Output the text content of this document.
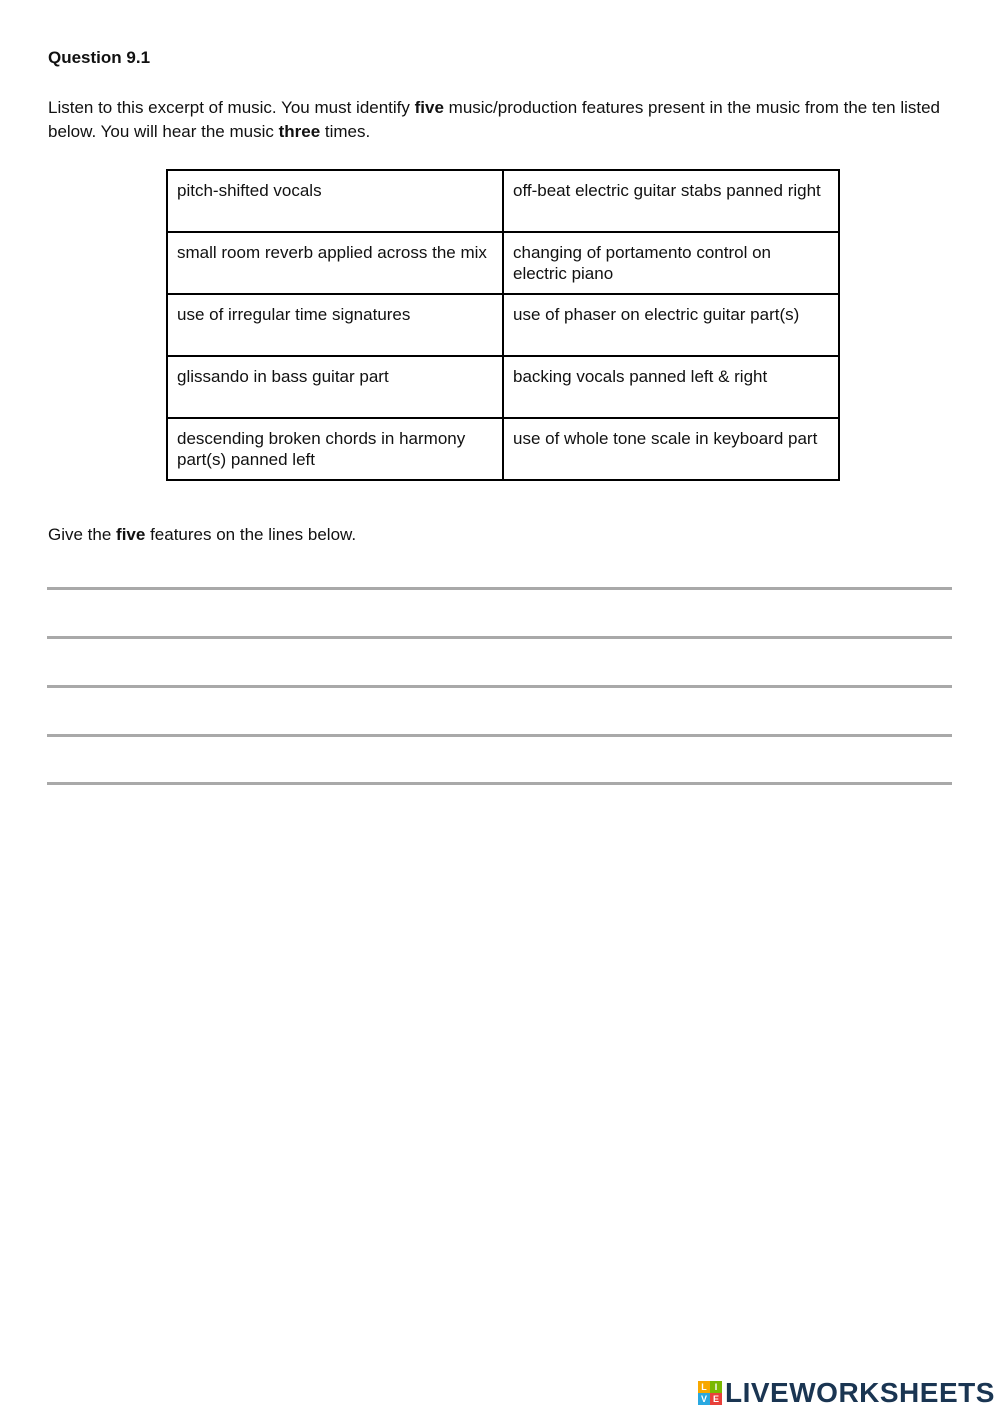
Question 9.1
Listen to this excerpt of music. You must identify five music/production features present in the music from the ten listed below. You will hear the music three times.
pitch-shifted vocals	off-beat electric guitar stabs panned right
small room reverb applied across the mix	changing of portamento control on electric piano
use of irregular time signatures	use of phaser on electric guitar part(s)
glissando in bass guitar part	backing vocals panned left & right
descending broken chords in harmony part(s) panned left	use of whole tone scale in keyboard part
Give the five features on the lines below.
L I
V E LIVEWORKSHEETS
